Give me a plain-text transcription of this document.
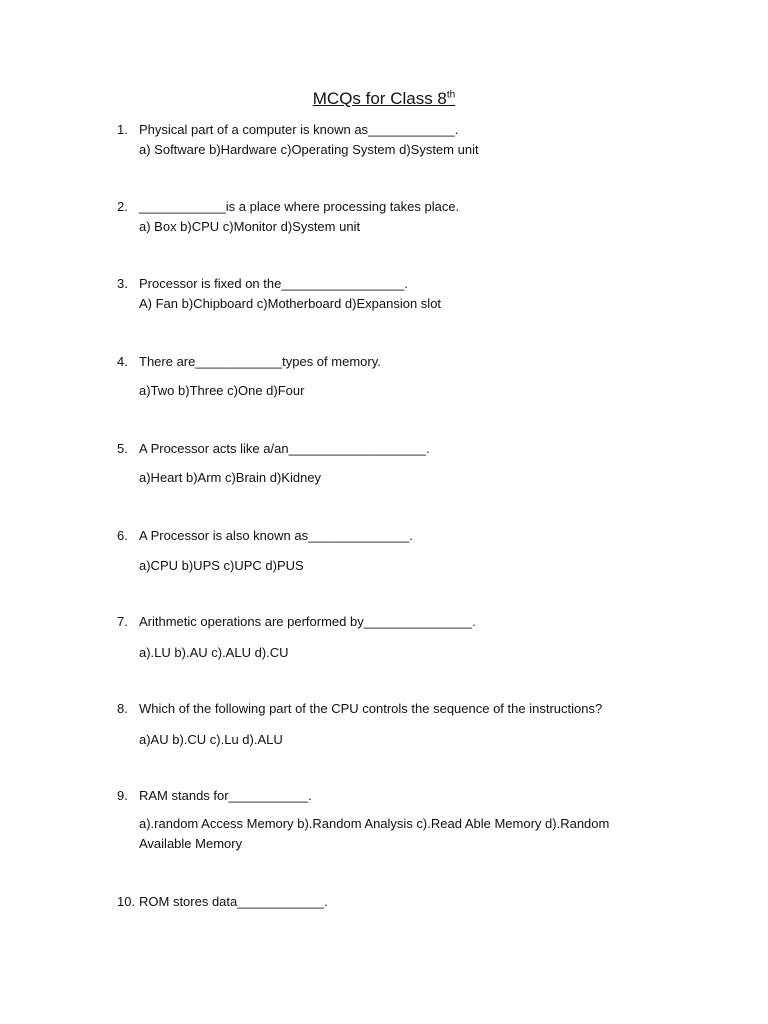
MCQs for Class 8th
1. Physical part of a computer is known as____________.
a) Software b)Hardware c)Operating System d)System unit
2. ____________is a place where processing takes place.
a) Box b)CPU c)Monitor d)System unit
3. Processor is fixed on the_________________.
A) Fan b)Chipboard c)Motherboard d)Expansion slot
4. There are____________types of memory.
a)Two b)Three c)One d)Four
5. A Processor acts like a/an___________________.
a)Heart b)Arm c)Brain d)Kidney
6. A Processor is also known as______________.
a)CPU b)UPS c)UPC d)PUS
7. Arithmetic operations are performed by_______________.
a).LU b).AU c).ALU d).CU
8. Which of the following part of the CPU controls the sequence of the instructions?
a)AU b).CU c).Lu d).ALU
9. RAM stands for___________.
a).random Access Memory b).Random Analysis c).Read Able Memory d).Random Available Memory
10. ROM stores data____________.
